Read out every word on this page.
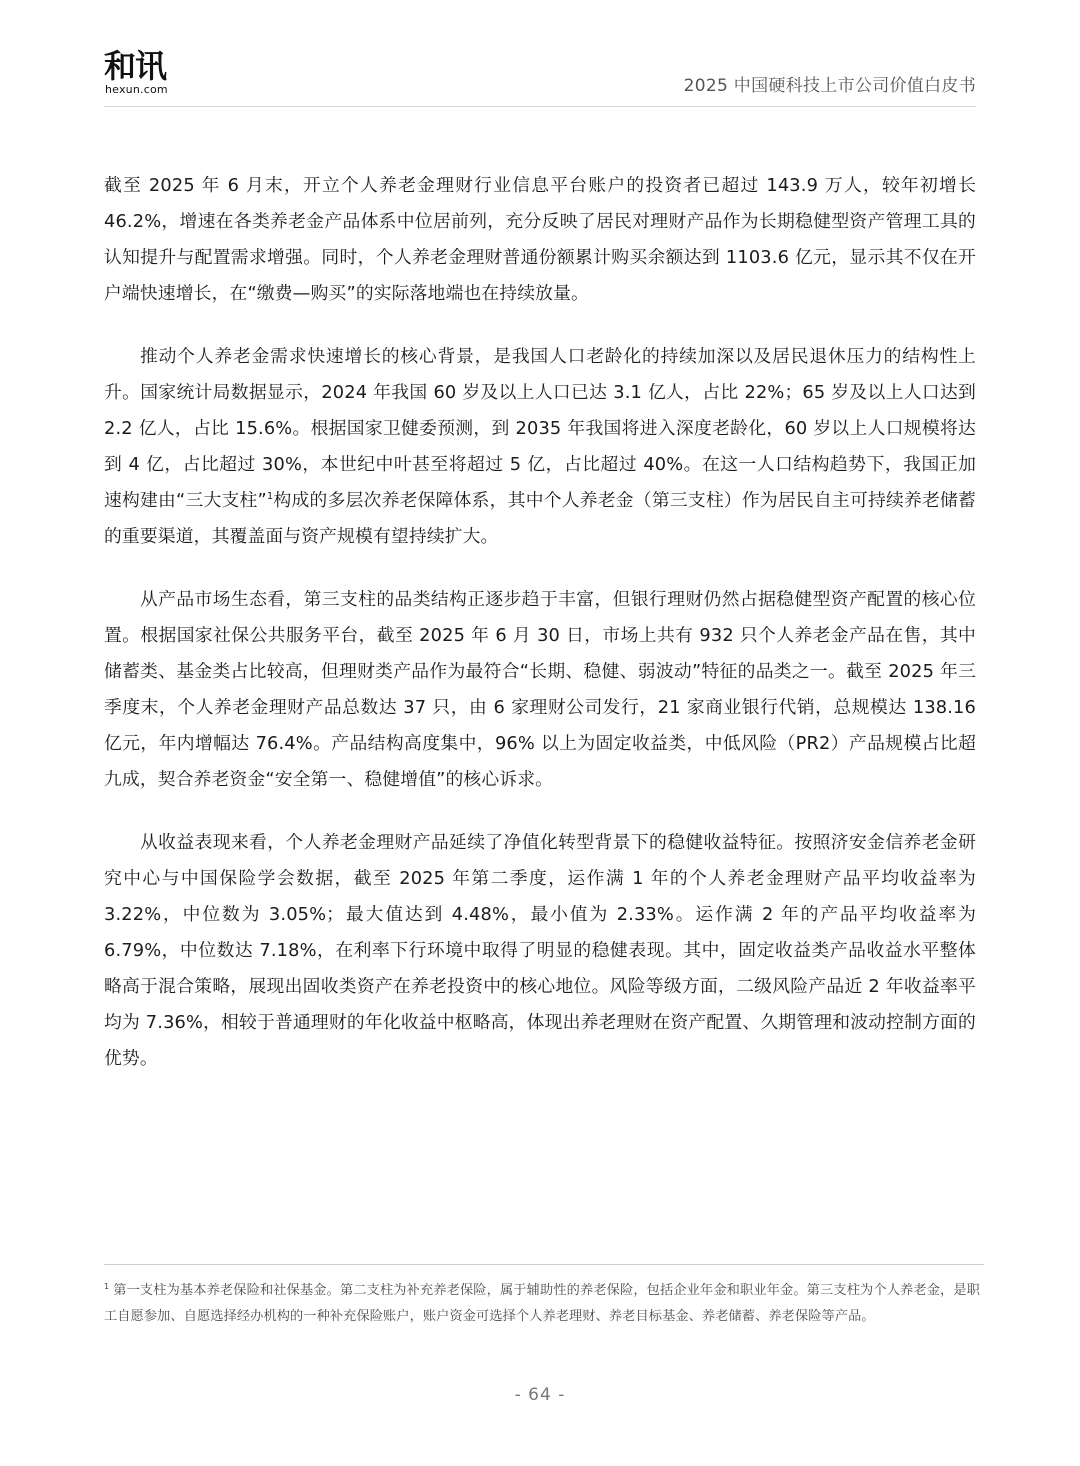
和讯
hexun.com	2025 中国硬科技上市公司价值白皮书

截至 2025 年 6 月末，开立个人养老金理财行业信息平台账户的投资者已超过 143.9 万人，较年初增长 46.2%，增速在各类养老金产品体系中位居前列，充分反映了居民对理财产品作为长期稳健型资产管理工具的认知提升与配置需求增强。同时，个人养老金理财普通份额累计购买余额达到 1103.6 亿元，显示其不仅在开户端快速增长，在“缴费—购买”的实际落地端也在持续放量。

推动个人养老金需求快速增长的核心背景，是我国人口老龄化的持续加深以及居民退休压力的结构性上升。国家统计局数据显示，2024 年我国 60 岁及以上人口已达 3.1 亿人，占比 22%；65 岁及以上人口达到 2.2 亿人，占比 15.6%。根据国家卫健委预测，到 2035 年我国将进入深度老龄化，60 岁以上人口规模将达到 4 亿，占比超过 30%，本世纪中叶甚至将超过 5 亿，占比超过 40%。在这一人口结构趋势下，我国正加速构建由“三大支柱”$^1$构成的多层次养老保障体系，其中个人养老金（第三支柱）作为居民自主可持续养老储蓄的重要渠道，其覆盖面与资产规模有望持续扩大。

从产品市场生态看，第三支柱的品类结构正逐步趋于丰富，但银行理财仍然占据稳健型资产配置的核心位置。根据国家社保公共服务平台，截至 2025 年 6 月 30 日，市场上共有 932 只个人养老金产品在售，其中储蓄类、基金类占比较高，但理财类产品作为最符合“长期、稳健、弱波动”特征的品类之一。截至 2025 年三季度末，个人养老金理财产品总数达 37 只，由 6 家理财公司发行，21 家商业银行代销，总规模达 138.16 亿元，年内增幅达 76.4%。产品结构高度集中，96% 以上为固定收益类，中低风险（PR2）产品规模占比超九成，契合养老资金“安全第一、稳健增值”的核心诉求。

从收益表现来看，个人养老金理财产品延续了净值化转型背景下的稳健收益特征。按照济安金信养老金研究中心与中国保险学会数据，截至 2025 年第二季度，运作满 1 年的个人养老金理财产品平均收益率为 3.22%，中位数为 3.05%；最大值达到 4.48%，最小值为 2.33%。运作满 2 年的产品平均收益率为 6.79%，中位数达 7.18%，在利率下行环境中取得了明显的稳健表现。其中，固定收益类产品收益水平整体略高于混合策略，展现出固收类资产在养老投资中的核心地位。风险等级方面，二级风险产品近 2 年收益率平均为 7.36%，相较于普通理财的年化收益中枢略高，体现出养老理财在资产配置、久期管理和波动控制方面的优势。

$^1$ 第一支柱为基本养老保险和社保基金。第二支柱为补充养老保险，属于辅助性的养老保险，包括企业年金和职业年金。第三支柱为个人养老金，是职工自愿参加、自愿选择经办机构的一种补充保险账户，账户资金可选择个人养老理财、养老目标基金、养老储蓄、养老保险等产品。
- 64 -
